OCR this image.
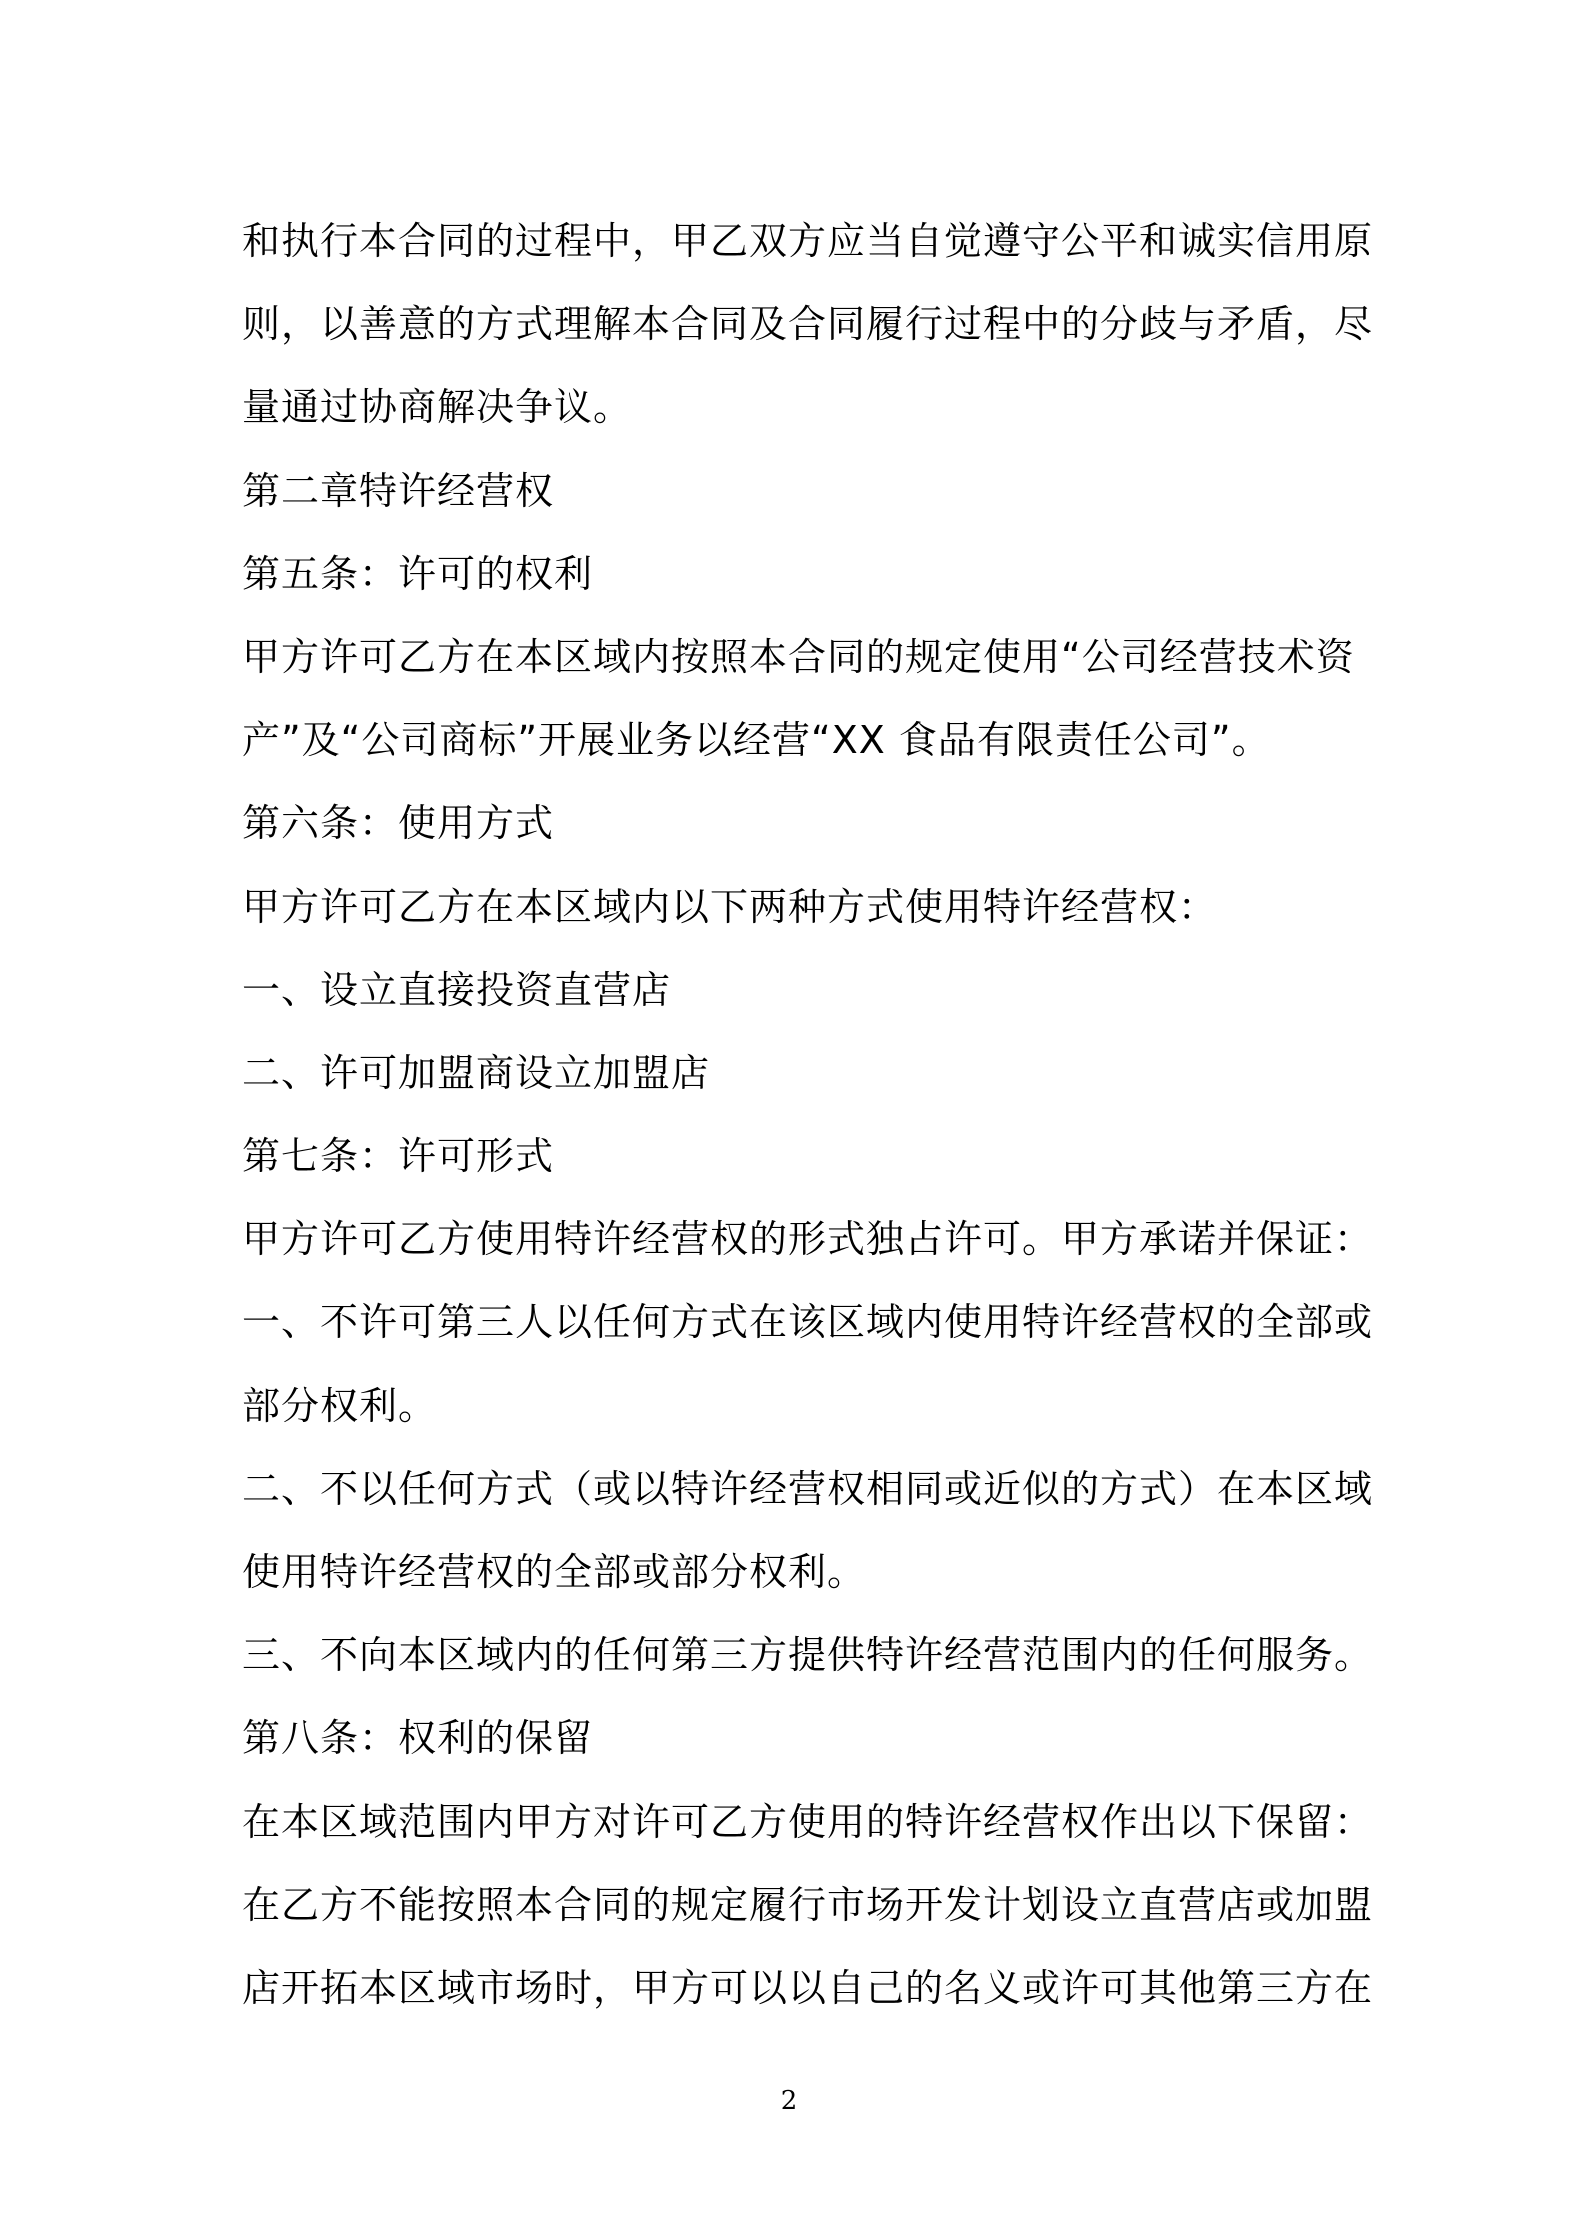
和执行本合同的过程中，甲乙双方应当自觉遵守公平和诚实信用原
则，以善意的方式理解本合同及合同履行过程中的分歧与矛盾，尽
量通过协商解决争议。
第二章特许经营权
第五条：许可的权利
甲方许可乙方在本区域内按照本合同的规定使用“公司经营技术资
产”及“公司商标”开展业务以经营“XX 食品有限责任公司”。
第六条：使用方式
甲方许可乙方在本区域内以下两种方式使用特许经营权：
一、设立直接投资直营店
二、许可加盟商设立加盟店
第七条：许可形式
甲方许可乙方使用特许经营权的形式独占许可。甲方承诺并保证：
一、不许可第三人以任何方式在该区域内使用特许经营权的全部或
部分权利。
二、不以任何方式（或以特许经营权相同或近似的方式）在本区域
使用特许经营权的全部或部分权利。
三、不向本区域内的任何第三方提供特许经营范围内的任何服务。
第八条：权利的保留
在本区域范围内甲方对许可乙方使用的特许经营权作出以下保留：
在乙方不能按照本合同的规定履行市场开发计划设立直营店或加盟
店开拓本区域市场时，甲方可以以自己的名义或许可其他第三方在
2
